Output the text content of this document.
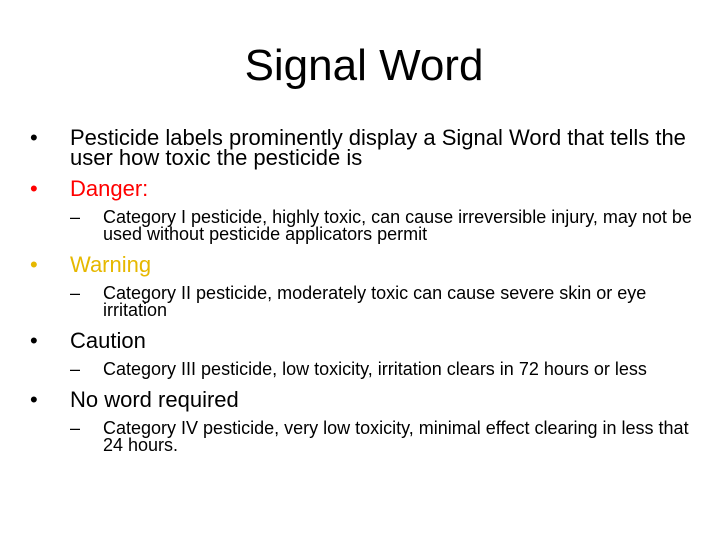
Signal Word
• Pesticide labels prominently display a Signal Word that tells the user how toxic the pesticide is
• Danger:
– Category I pesticide, highly toxic, can cause irreversible injury, may not be used without pesticide applicators permit
• Warning
– Category II pesticide, moderately toxic can cause severe skin or eye irritation
• Caution
– Category III pesticide, low toxicity, irritation clears in 72 hours or less
• No word required
– Category IV pesticide, very low toxicity, minimal effect clearing in less that 24 hours.
